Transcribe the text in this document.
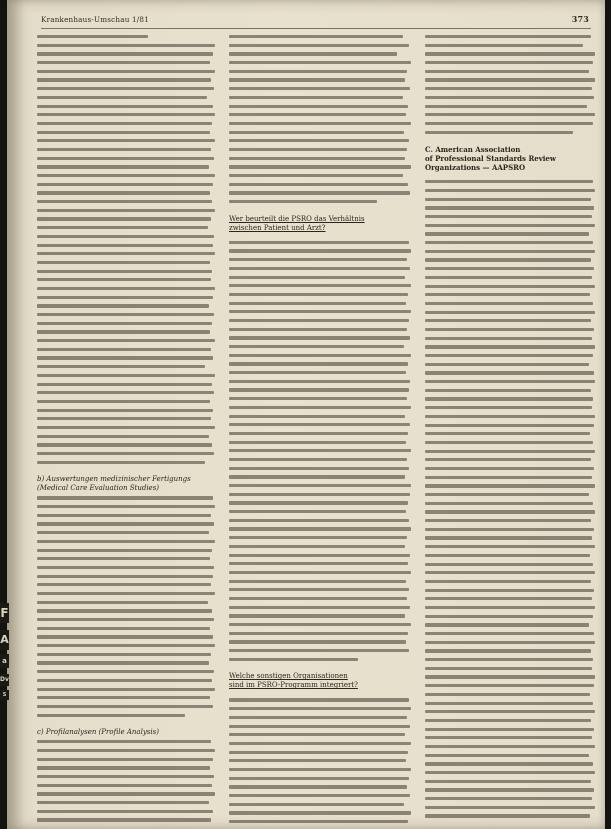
Krankenhaus-Umschau 1/81	373
b) Auswertungen medizinischer Fertigungs
(Medical Care Evaluation Studies)
c) Profilanalysen (Profile Analysis)
Wer beurteilt die PSRO das Verhältnis
zwischen Patient und Arzt?
Welche sonstigen Organisationen
sind im PSRO-Programm integriert?
C. American Association
of Professional Standards Review
Organizations — AAPSRO
F
A
a
Dv
S
